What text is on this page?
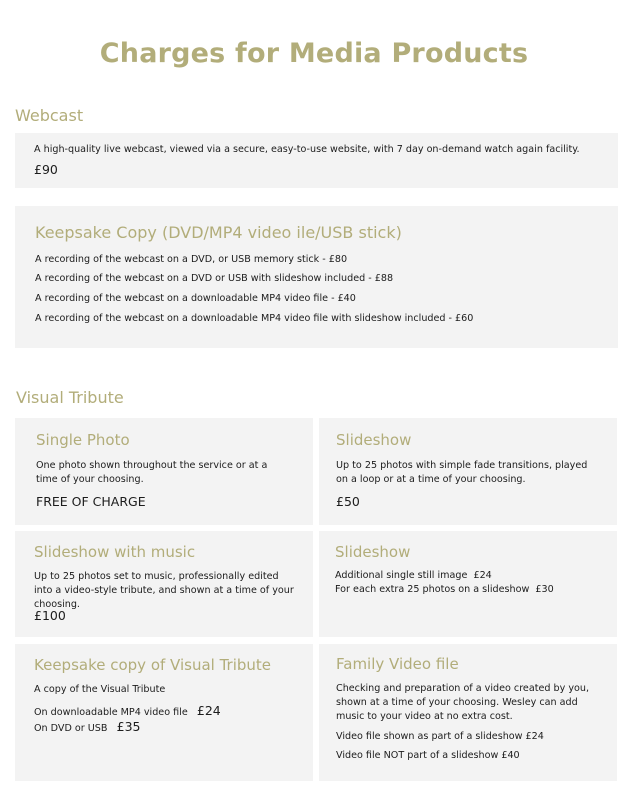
Charges for Media Products
Webcast
A high-quality live webcast, viewed via a secure, easy-to-use website, with 7 day on-demand watch again facility.
£90
Keepsake Copy (DVD/MP4 video ile/USB stick)
A recording of the webcast on a DVD, or USB memory stick - £80
A recording of the webcast on a DVD or USB with slideshow included - £88
A recording of the webcast on a downloadable MP4 video file - £40
A recording of the webcast on a downloadable MP4 video file with slideshow included - £60
Visual Tribute
Single Photo
One photo shown throughout the service or at a time of your choosing.
FREE OF CHARGE
Slideshow
Up to 25 photos with simple fade transitions, played on a loop or at a time of your choosing.
£50
Slideshow with music
Up to 25 photos set to music, professionally edited into a video-style tribute, and shown at a time of your choosing.
£100
Slideshow
Additional single still image £24
For each extra 25 photos on a slideshow £30
Keepsake copy of Visual Tribute
A copy of the Visual Tribute
On downloadable MP4 video file £24
On DVD or USB £35
Family Video file
Checking and preparation of a video created by you, shown at a time of your choosing. Wesley can add music to your video at no extra cost.
Video file shown as part of a slideshow £24
Video file NOT part of a slideshow £40
